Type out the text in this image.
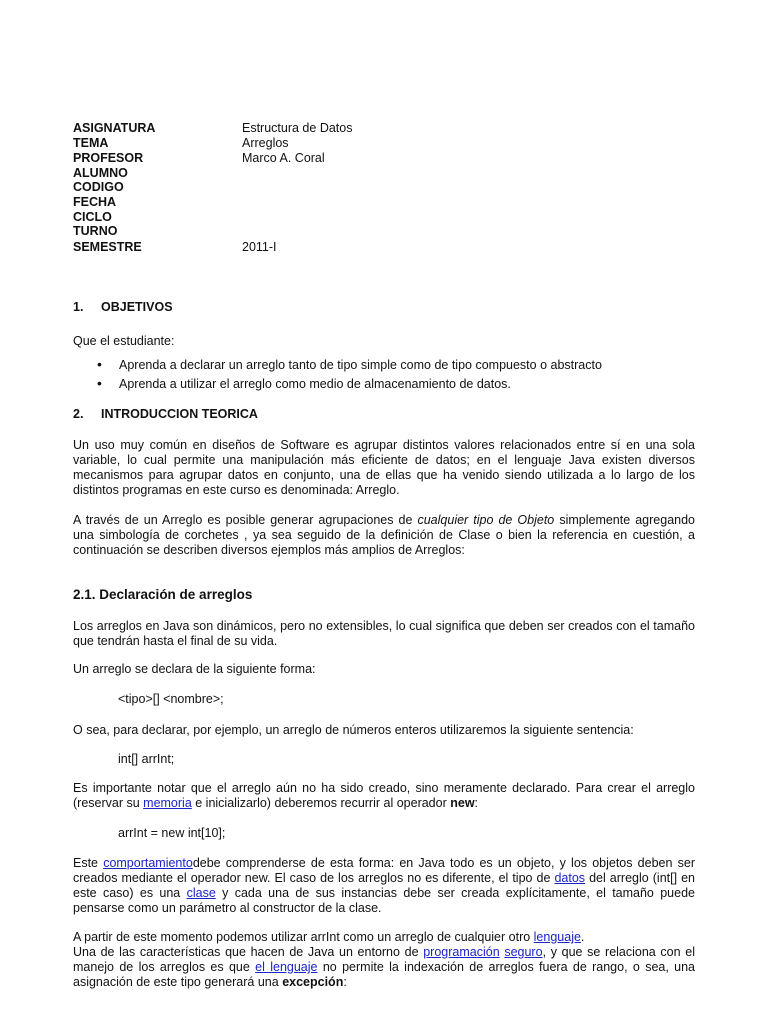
ASIGNATURA	Estructura de Datos
TEMA	Arreglos
PROFESOR	Marco A. Coral
ALUMNO
CODIGO
FECHA
CICLO
TURNO
SEMESTRE	2011-I
1. OBJETIVOS
Que el estudiante:
• Aprenda a declarar un arreglo tanto de tipo simple como de tipo compuesto o abstracto
• Aprenda a utilizar el arreglo como medio de almacenamiento de datos.
2. INTRODUCCION TEORICA
Un uso muy común en diseños de Software es agrupar distintos valores relacionados entre sí en una sola variable, lo cual permite una manipulación más eficiente de datos; en el lenguaje Java existen diversos mecanismos para agrupar datos en conjunto, una de ellas que ha venido siendo utilizada a lo largo de los distintos programas en este curso es denominada: Arreglo.
A través de un Arreglo es posible generar agrupaciones de cualquier tipo de Objeto simplemente agregando una simbología de corchetes , ya sea seguido de la definición de Clase o bien la referencia en cuestión, a continuación se describen diversos ejemplos más amplios de Arreglos:
2.1. Declaración de arreglos
Los arreglos en Java son dinámicos, pero no extensibles, lo cual significa que deben ser creados con el tamaño que tendrán hasta el final de su vida.
Un arreglo se declara de la siguiente forma:
<tipo>[] <nombre>;
O sea, para declarar, por ejemplo, un arreglo de números enteros utilizaremos la siguiente sentencia:
int[] arrInt;
Es importante notar que el arreglo aún no ha sido creado, sino meramente declarado. Para crear el arreglo (reservar su memoria e inicializarlo) deberemos recurrir al operador new:
arrInt = new int[10];
Este comportamientodebe comprenderse de esta forma: en Java todo es un objeto, y los objetos deben ser creados mediante el operador new. El caso de los arreglos no es diferente, el tipo de datos del arreglo (int[] en este caso) es una clase y cada una de sus instancias debe ser creada explícitamente, el tamaño puede pensarse como un parámetro al constructor de la clase.
A partir de este momento podemos utilizar arrInt como un arreglo de cualquier otro lenguaje.
Una de las características que hacen de Java un entorno de programación seguro, y que se relaciona con el manejo de los arreglos es que el lenguaje no permite la indexación de arreglos fuera de rango, o sea, una asignación de este tipo generará una excepción:
